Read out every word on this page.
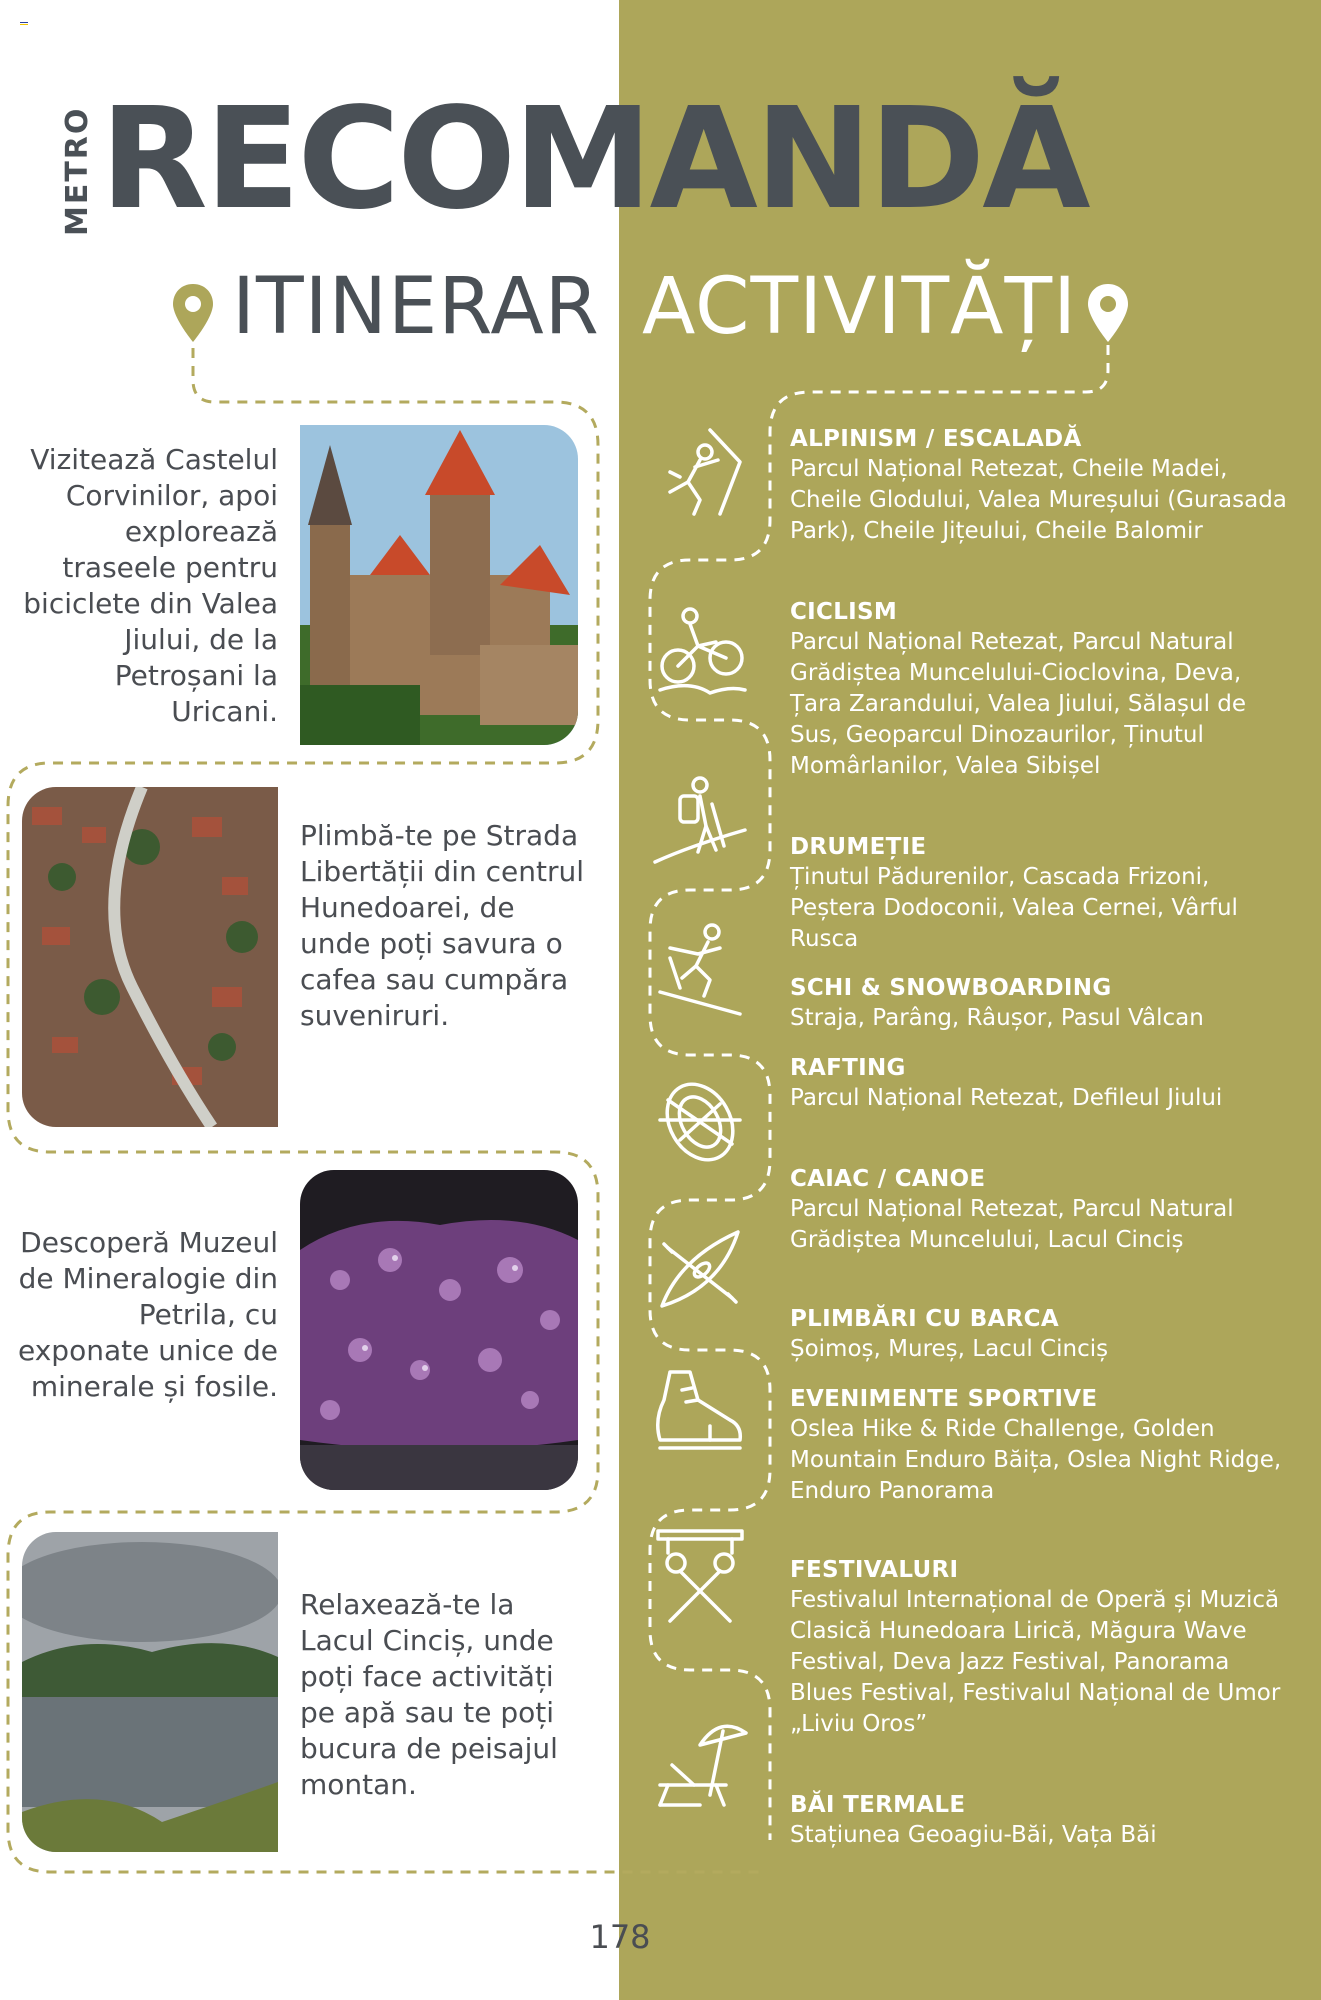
METRO RECOMANDĂ
ITINERAR ACTIVITĂȚI
Vizitează Castelul Corvinilor, apoi explorează traseele pentru biciclete din Valea Jiului, de la Petroșani la Uricani.
Plimbă-te pe Strada Libertății din centrul Hunedoarei, de unde poți savura o cafea sau cumpăra suveniruri.
Descoperă Muzeul de Mineralogie din Petrila, cu exponate unice de minerale și fosile.
Relaxează-te la Lacul Cinciș, unde poți face activități pe apă sau te poți bucura de peisajul montan.
ALPINISM / ESCALADĂ

Parcul Național Retezat, Cheile Madei, Cheile Glodului, Valea Mureșului (Gurasada Park), Cheile Jițeului, Cheile Balomir

CICLISM

Parcul Național Retezat, Parcul Natural Grădiștea Muncelului-Cioclovina, Deva, Țara Zarandului, Valea Jiului, Sălașul de Sus, Geoparcul Dinozaurilor, Ținutul Momârlanilor, Valea Sibișel

DRUMEȚIE

Ținutul Pădurenilor, Cascada Frizoni, Peștera Dodoconii, Valea Cernei, Vârful Rusca

SCHI & SNOWBOARDING

Straja, Parâng, Râușor, Pasul Vâlcan

RAFTING

Parcul Național Retezat, Defileul Jiului

CAIAC / CANOE

Parcul Național Retezat, Parcul Natural Grădiștea Muncelului, Lacul Cinciș

PLIMBĂRI CU BARCA

Șoimoș, Mureș, Lacul Cinciș

EVENIMENTE SPORTIVE

Oslea Hike & Ride Challenge, Golden Mountain Enduro Băița, Oslea Night Ridge, Enduro Panorama

FESTIVALURI

Festivalul Internațional de Operă și Muzică Clasică Hunedoara Lirică, Măgura Wave Festival, Deva Jazz Festival, Panorama Blues Festival, Festivalul Național de Umor „Liviu Oros”

BĂI TERMALE

Stațiunea Geoagiu-Băi, Vața Băi

178
